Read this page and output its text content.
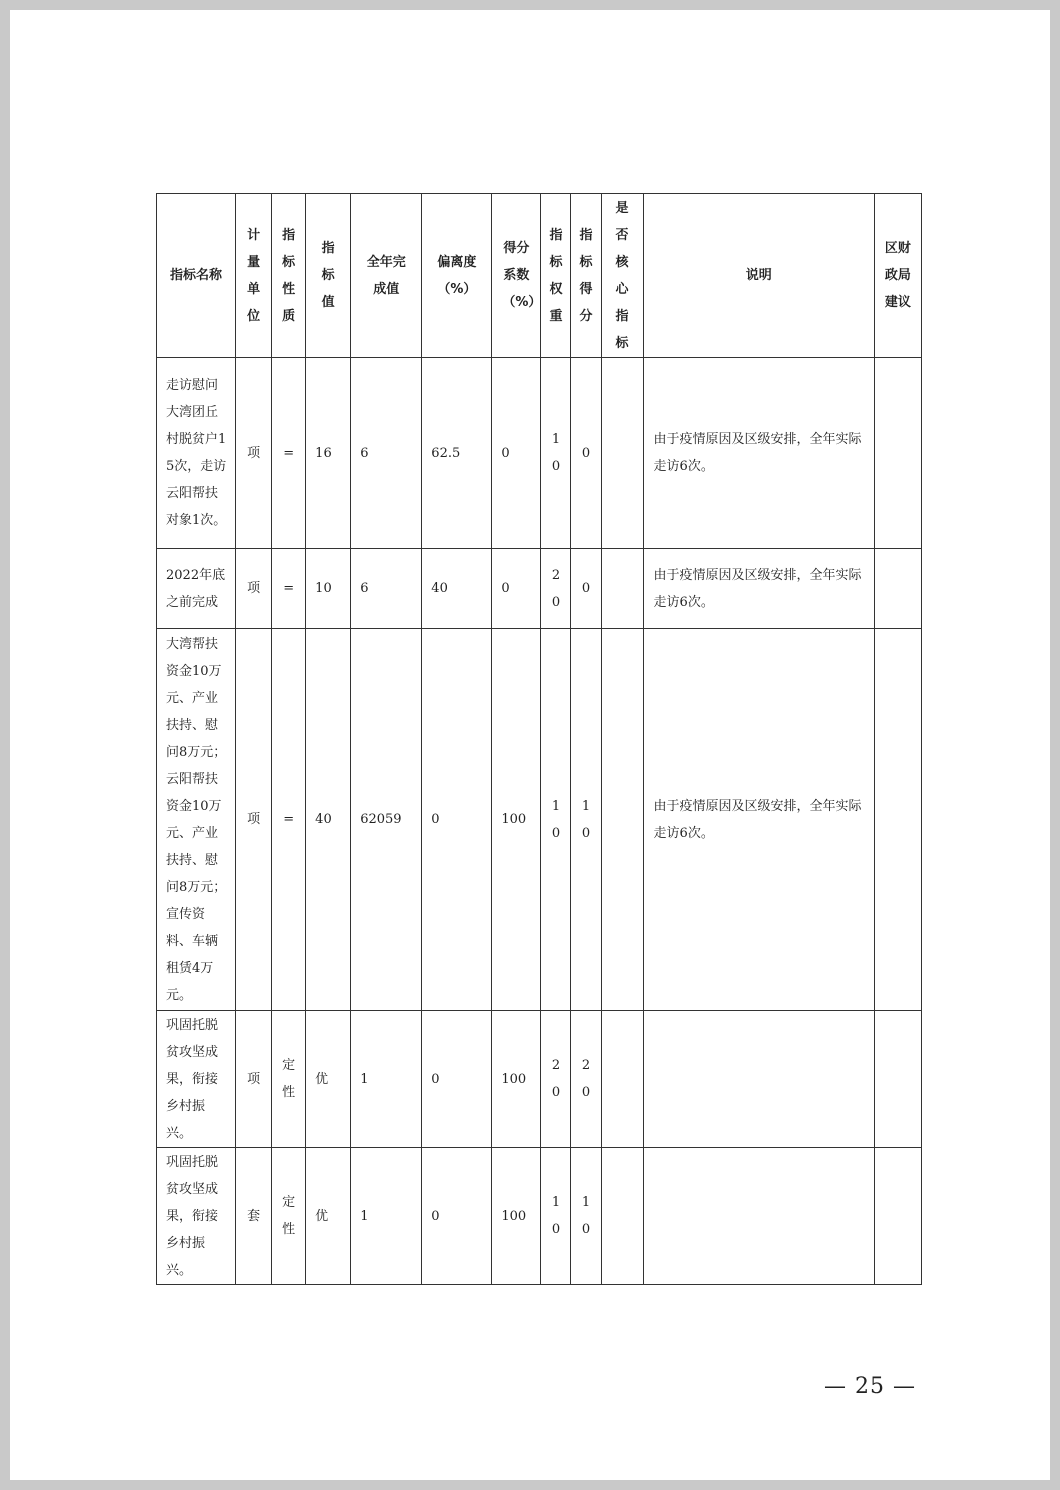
指标名称	计量单位	指标性质	指标值	全年完成值	偏离度（%）	得分系数（%）	指标权重	指标得分	是否核心指标	说明	区财政局建议

走访慰问大湾团丘村脱贫户15次，走访云阳帮扶对象1次。	项	=	16	6	62.5	0	10	0		由于疫情原因及区级安排，全年实际走访6次。	
2022年底之前完成	项	=	10	6	40	0	20	0		由于疫情原因及区级安排，全年实际走访6次。	
大湾帮扶资金10万元、产业扶持、慰问8万元；云阳帮扶资金10万元、产业扶持、慰问8万元；宣传资料、车辆租赁4万元。	项	=	40	62059	0	100	10	10		由于疫情原因及区级安排，全年实际走访6次。	
巩固托脱贫攻坚成果，衔接乡村振兴。	项	定性	优	1	0	100	20	20			

巩固托脱贫攻坚成果，衔接乡村振兴。	套	定性	优	1	0	100	10	10			

— 25 —
